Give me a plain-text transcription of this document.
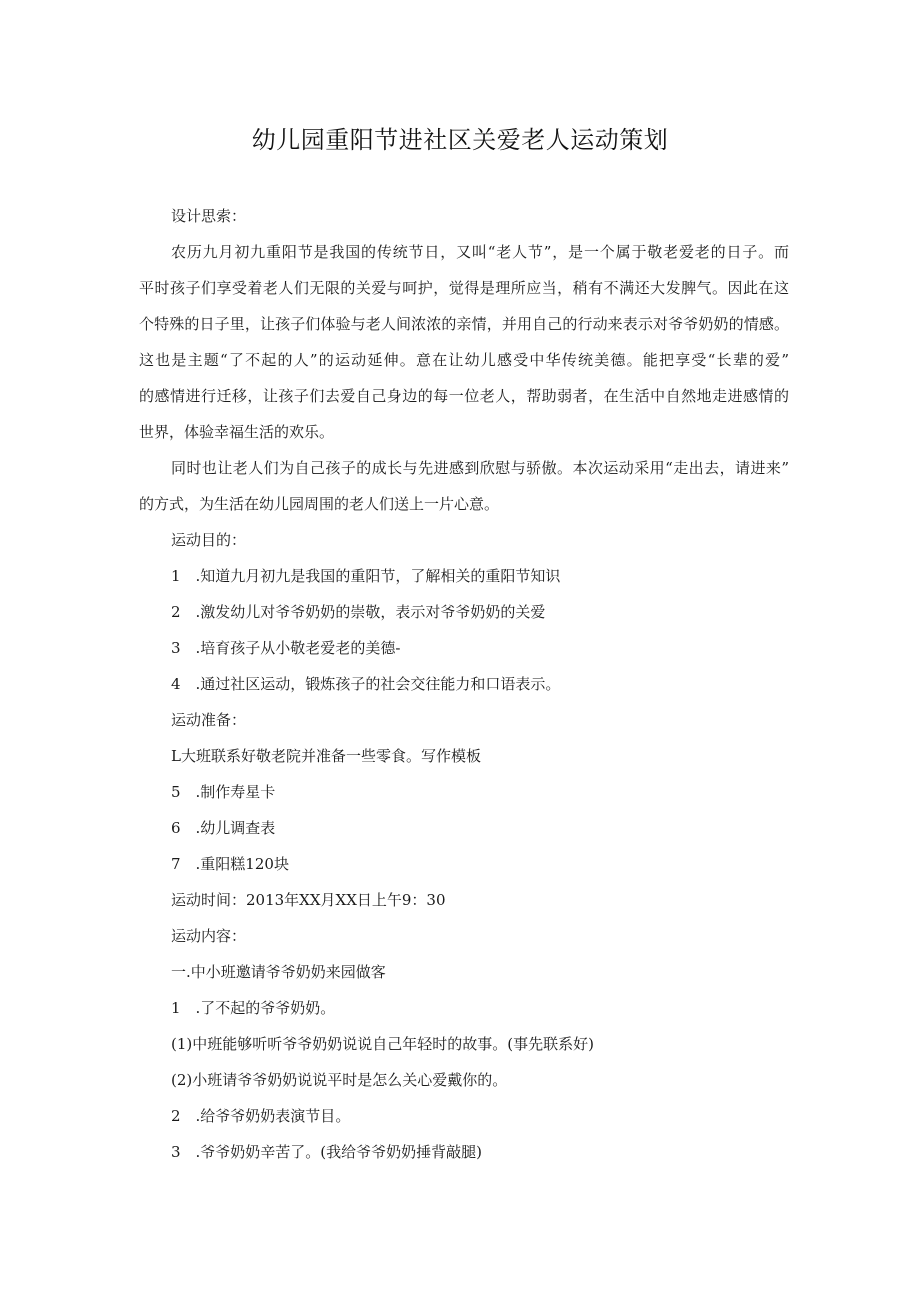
幼儿园重阳节进社区关爱老人运动策划
设计思索：
农历九月初九重阳节是我国的传统节日，又叫“老人节”，是一个属于敬老爱老的日子。而
平时孩子们享受着老人们无限的关爱与呵护，觉得是理所应当，稍有不满还大发脾气。因此在这
个特殊的日子里，让孩子们体验与老人间浓浓的亲情，并用自己的行动来表示对爷爷奶奶的情感。
这也是主题“了不起的人”的运动延伸。意在让幼儿感受中华传统美德。能把享受“长辈的爱”
的感情进行迁移，让孩子们去爱自己身边的每一位老人，帮助弱者，在生活中自然地走进感情的
世界，体验幸福生活的欢乐。
同时也让老人们为自己孩子的成长与先进感到欣慰与骄傲。本次运动采用“走出去，请进来”
的方式，为生活在幼儿园周围的老人们送上一片心意。
运动目的：
1　.知道九月初九是我国的重阳节，了解相关的重阳节知识
2　.激发幼儿对爷爷奶奶的崇敬，表示对爷爷奶奶的关爱
3　.培育孩子从小敬老爱老的美德-
4　.通过社区运动，锻炼孩子的社会交往能力和口语表示。
运动准备：
L大班联系好敬老院并准备一些零食。写作模板
5　.制作寿星卡
6　.幼儿调查表
7　.重阳糕120块
运动时间：2013年XX月XX日上午9：30
运动内容：
一.中小班邀请爷爷奶奶来园做客
1　.了不起的爷爷奶奶。
(1)中班能够听听爷爷奶奶说说自己年轻时的故事。(事先联系好)
(2)小班请爷爷奶奶说说平时是怎么关心爱戴你的。
2　.给爷爷奶奶表演节目。
3　.爷爷奶奶辛苦了。(我给爷爷奶奶捶背敲腿)
